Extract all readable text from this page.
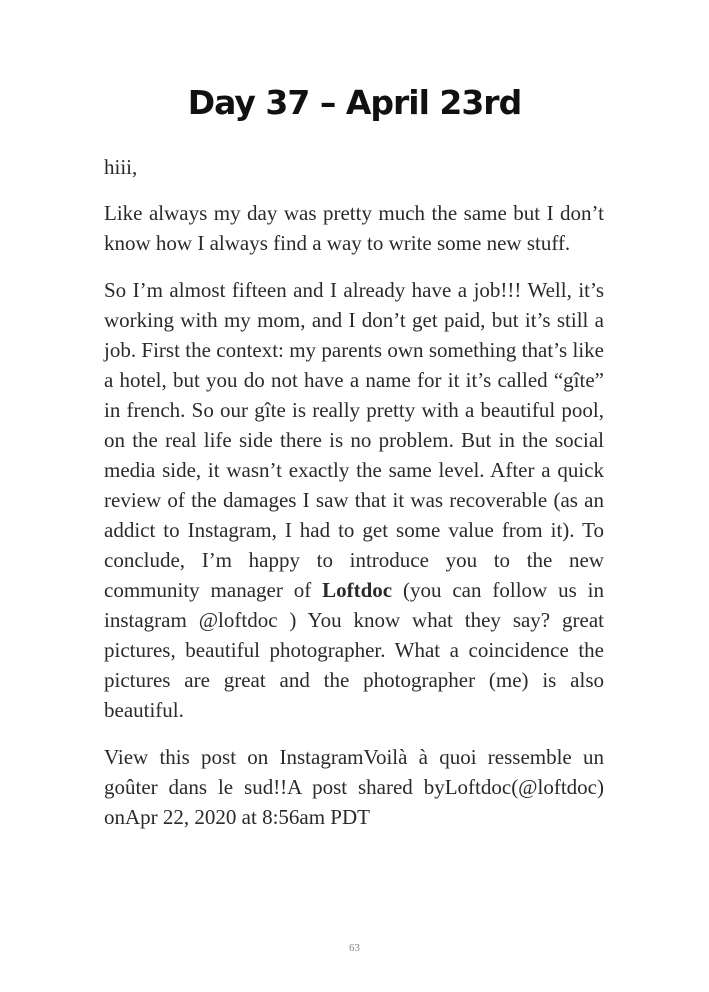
Day 37 – April 23rd

hiii,

Like always my day was pretty much the same but I don’t know how I always find a way to write some new stuff.

So I’m almost fifteen and I already have a job!!! Well, it’s working with my mom, and I don’t get paid, but it’s still a job. First the context: my parents own something that’s like a hotel, but you do not have a name for it it’s called “gîte” in french. So our gîte is really pretty with a beautiful pool, on the real life side there is no problem. But in the social media side, it wasn’t exactly the same level. After a quick review of the damages I saw that it was recoverable (as an addict to Instagram, I had to get some value from it). To conclude, I’m happy to introduce you to the new community manager of Loftdoc (you can follow us in instagram @loftdoc ) You know what they say? great pictures, beautiful photographer. What a coincidence the pictures are great and the photographer (me) is also beautiful.

View this post on InstagramVoilà à quoi ressemble un goûter dans le sud!!A post shared byLoftdoc(@loftdoc) onApr 22, 2020 at 8:56am PDT

63
